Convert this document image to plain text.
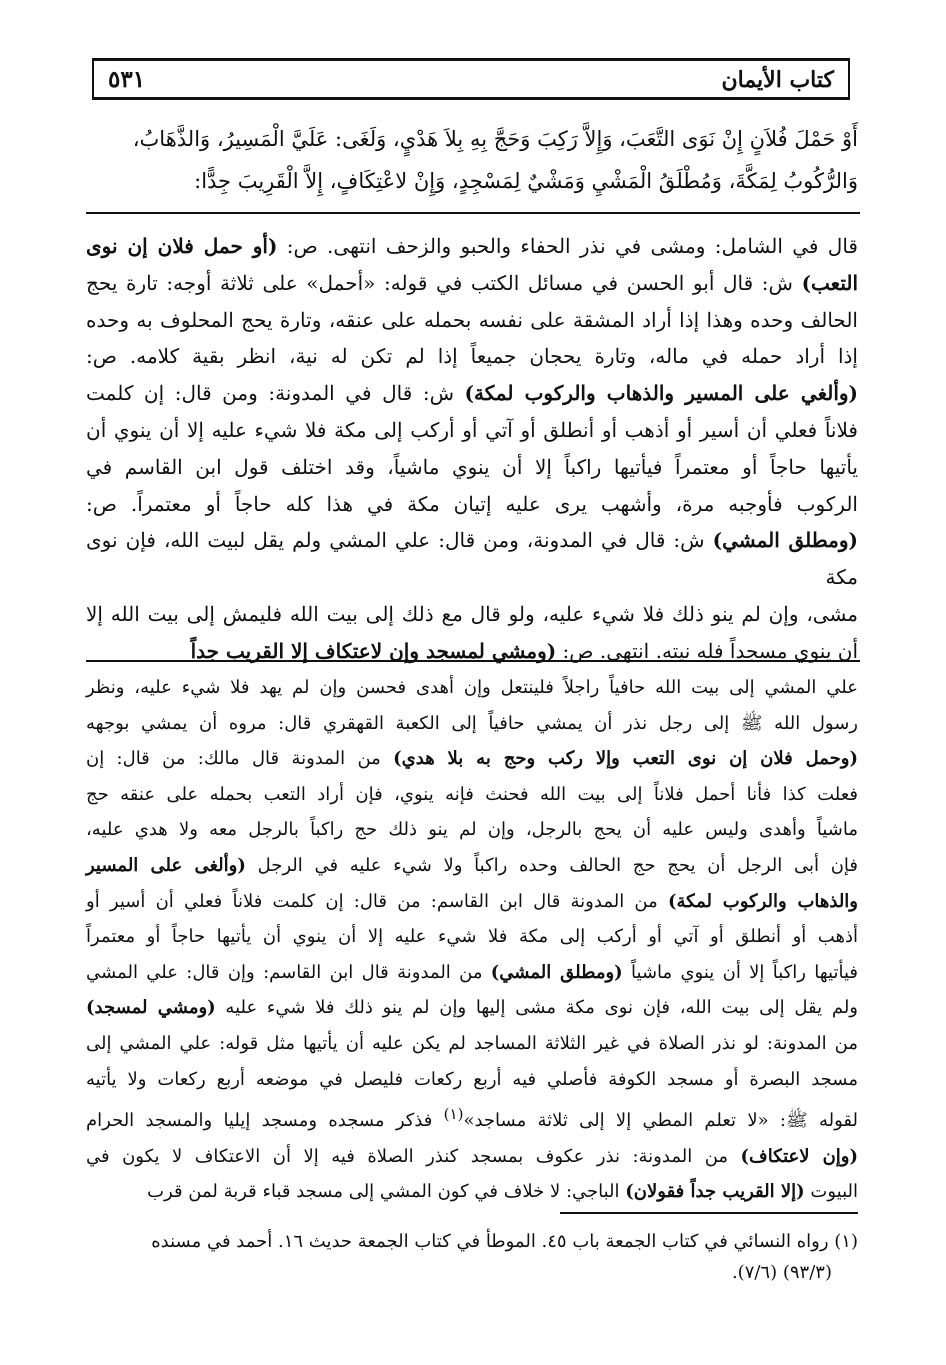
كتاب الأيمان
٥٣١

أَوْ حَمْلَ فُلاَنٍ إِنْ نَوَى التَّعَبَ، وَإِلاَّ رَكِبَ وَحَجَّ بِهِ بِلاَ هَدْيٍ، وَلَغَى: عَلَيَّ الْمَسِيرُ، وَالذَّهَابُ،

وَالرُّكُوبُ لِمَكَّةَ، وَمُطْلَقُ الْمَشْيِ وَمَشْيٌ لِمَسْجِدٍ، وَإِنْ لاعْتِكَافٍ، إِلاَّ الْقَرِيبَ جِدًّا:

قال في الشامل: ومشى في نذر الحفاء والحبو والزحف انتهى. ص: (أو حمل فلان إن نوى

التعب) ش: قال أبو الحسن في مسائل الكتب في قوله: «أحمل» على ثلاثة أوجه: تارة يحج

الحالف وحده وهذا إذا أراد المشقة على نفسه بحمله على عنقه، وتارة يحج المحلوف به وحده

إذا أراد حمله في ماله، وتارة يحجان جميعاً إذا لم تكن له نية، انظر بقية كلامه. ص:

(وألغي على المسير والذهاب والركوب لمكة) ش: قال في المدونة: ومن قال: إن كلمت

فلاناً فعلي أن أسير أو أذهب أو أنطلق أو آتي أو أركب إلى مكة فلا شيء عليه إلا أن ينوي أن

يأتيها حاجاً أو معتمراً فيأتيها راكباً إلا أن ينوي ماشياً، وقد اختلف قول ابن القاسم في

الركوب فأوجبه مرة، وأشهب يرى عليه إتيان مكة في هذا كله حاجاً أو معتمراً. ص:

(ومطلق المشي) ش: قال في المدونة، ومن قال: علي المشي ولم يقل لبيت الله، فإن نوى مكة

مشى، وإن لم ينو ذلك فلا شيء عليه، ولو قال مع ذلك إلى بيت الله فليمش إلى بيت الله إلا

أن ينوي مسجداً فله نيته. انتهى. ص: (ومشي لمسجد وإن لاعتكاف إلا القريب جداً

علي المشي إلى بيت الله حافياً راجلاً فلينتعل وإن أهدى فحسن وإن لم يهد فلا شيء عليه، ونظر

رسول الله ﷺ إلى رجل نذر أن يمشي حافياً إلى الكعبة القهقري قال: مروه أن يمشي بوجهه

(وحمل فلان إن نوى التعب وإلا ركب وحج به بلا هدي) من المدونة قال مالك: من قال: إن

فعلت كذا فأنا أحمل فلاناً إلى بيت الله فحنث فإنه ينوي، فإن أراد التعب بحمله على عنقه حج

ماشياً وأهدى وليس عليه أن يحج بالرجل، وإن لم ينو ذلك حج راكباً بالرجل معه ولا هدي عليه،

فإن أبى الرجل أن يحج حج الحالف وحده راكباً ولا شيء عليه في الرجل (وألغى على المسير

والذهاب والركوب لمكة) من المدونة قال ابن القاسم: من قال: إن كلمت فلاناً فعلي أن أسير أو

أذهب أو أنطلق أو آتي أو أركب إلى مكة فلا شيء عليه إلا أن ينوي أن يأتيها حاجاً أو معتمراً

فيأتيها راكباً إلا أن ينوي ماشياً (ومطلق المشي) من المدونة قال ابن القاسم: وإن قال: علي المشي

ولم يقل إلى بيت الله، فإن نوى مكة مشى إليها وإن لم ينو ذلك فلا شيء عليه (ومشي لمسجد)

من المدونة: لو نذر الصلاة في غير الثلاثة المساجد لم يكن عليه أن يأتيها مثل قوله: علي المشي إلى

مسجد البصرة أو مسجد الكوفة فأصلي فيه أربع ركعات فليصل في موضعه أربع ركعات ولا يأتيه

لقوله ﷺ: «لا تعلم المطي إلا إلى ثلاثة مساجد»$^{(١)}$ فذكر مسجده ومسجد إيليا والمسجد الحرام

(وإن لاعتكاف) من المدونة: نذر عكوف بمسجد كنذر الصلاة فيه إلا أن الاعتكاف لا يكون في

البيوت (إلا القريب جداً فقولان) الباجي: لا خلاف في كون المشي إلى مسجد قباء قربة لمن قرب

(١) رواه النسائي في كتاب الجمعة باب ٤٥. الموطأ في كتاب الجمعة حديث ١٦. أحمد في مسنده

(٩٣/٣) (٧/٦).
